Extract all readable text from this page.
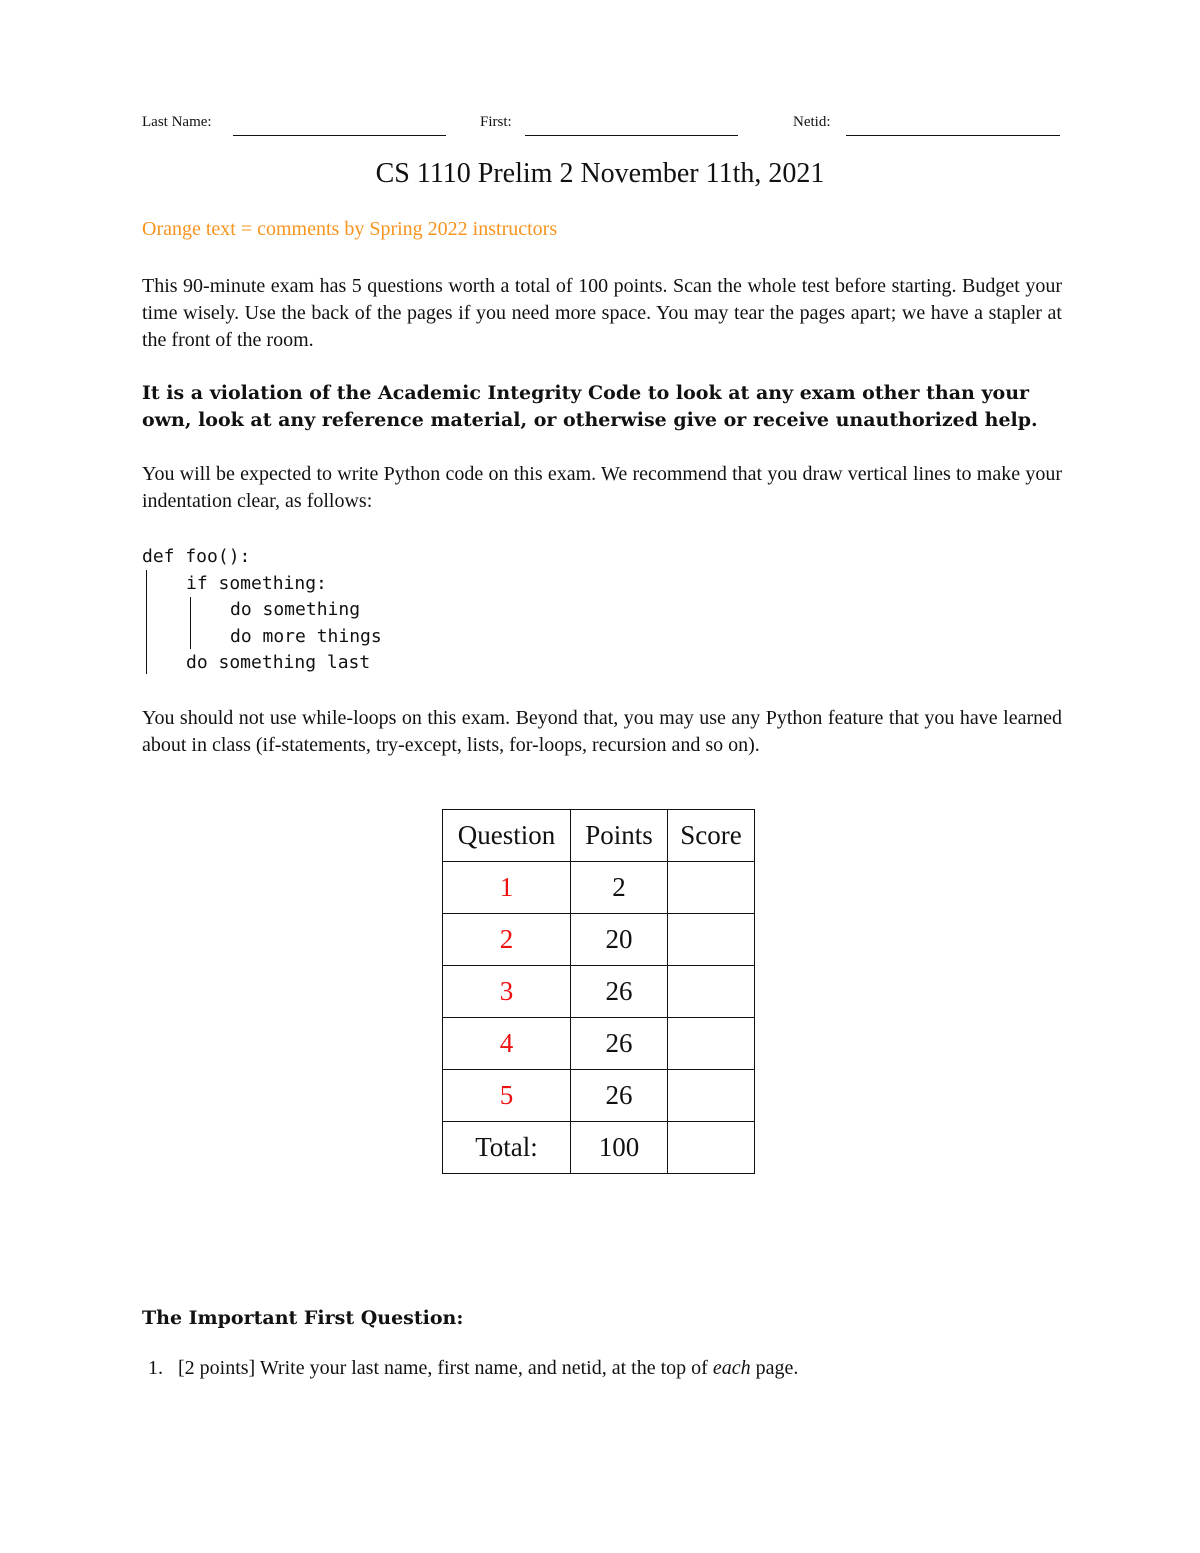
Last Name:	First:	Netid:
CS 1110 Prelim 2 November 11th, 2021
Orange text = comments by Spring 2022 instructors
This 90-minute exam has 5 questions worth a total of 100 points. Scan the whole test before starting. Budget your time wisely. Use the back of the pages if you need more space. You may tear the pages apart; we have a stapler at the front of the room.
It is a violation of the Academic Integrity Code to look at any exam other than your own, look at any reference material, or otherwise give or receive unauthorized help.
You will be expected to write Python code on this exam. We recommend that you draw vertical lines to make your indentation clear, as follows:
def foo():
if something:
do something
do more things
do something last
You should not use while-loops on this exam. Beyond that, you may use any Python feature that you have learned about in class (if-statements, try-except, lists, for-loops, recursion and so on).
Question	Points	Score
1	2	
2	20	
3	26	
4	26	
5	26	
Total:	100	
The Important First Question:
1. [2 points] Write your last name, first name, and netid, at the top of each page.
